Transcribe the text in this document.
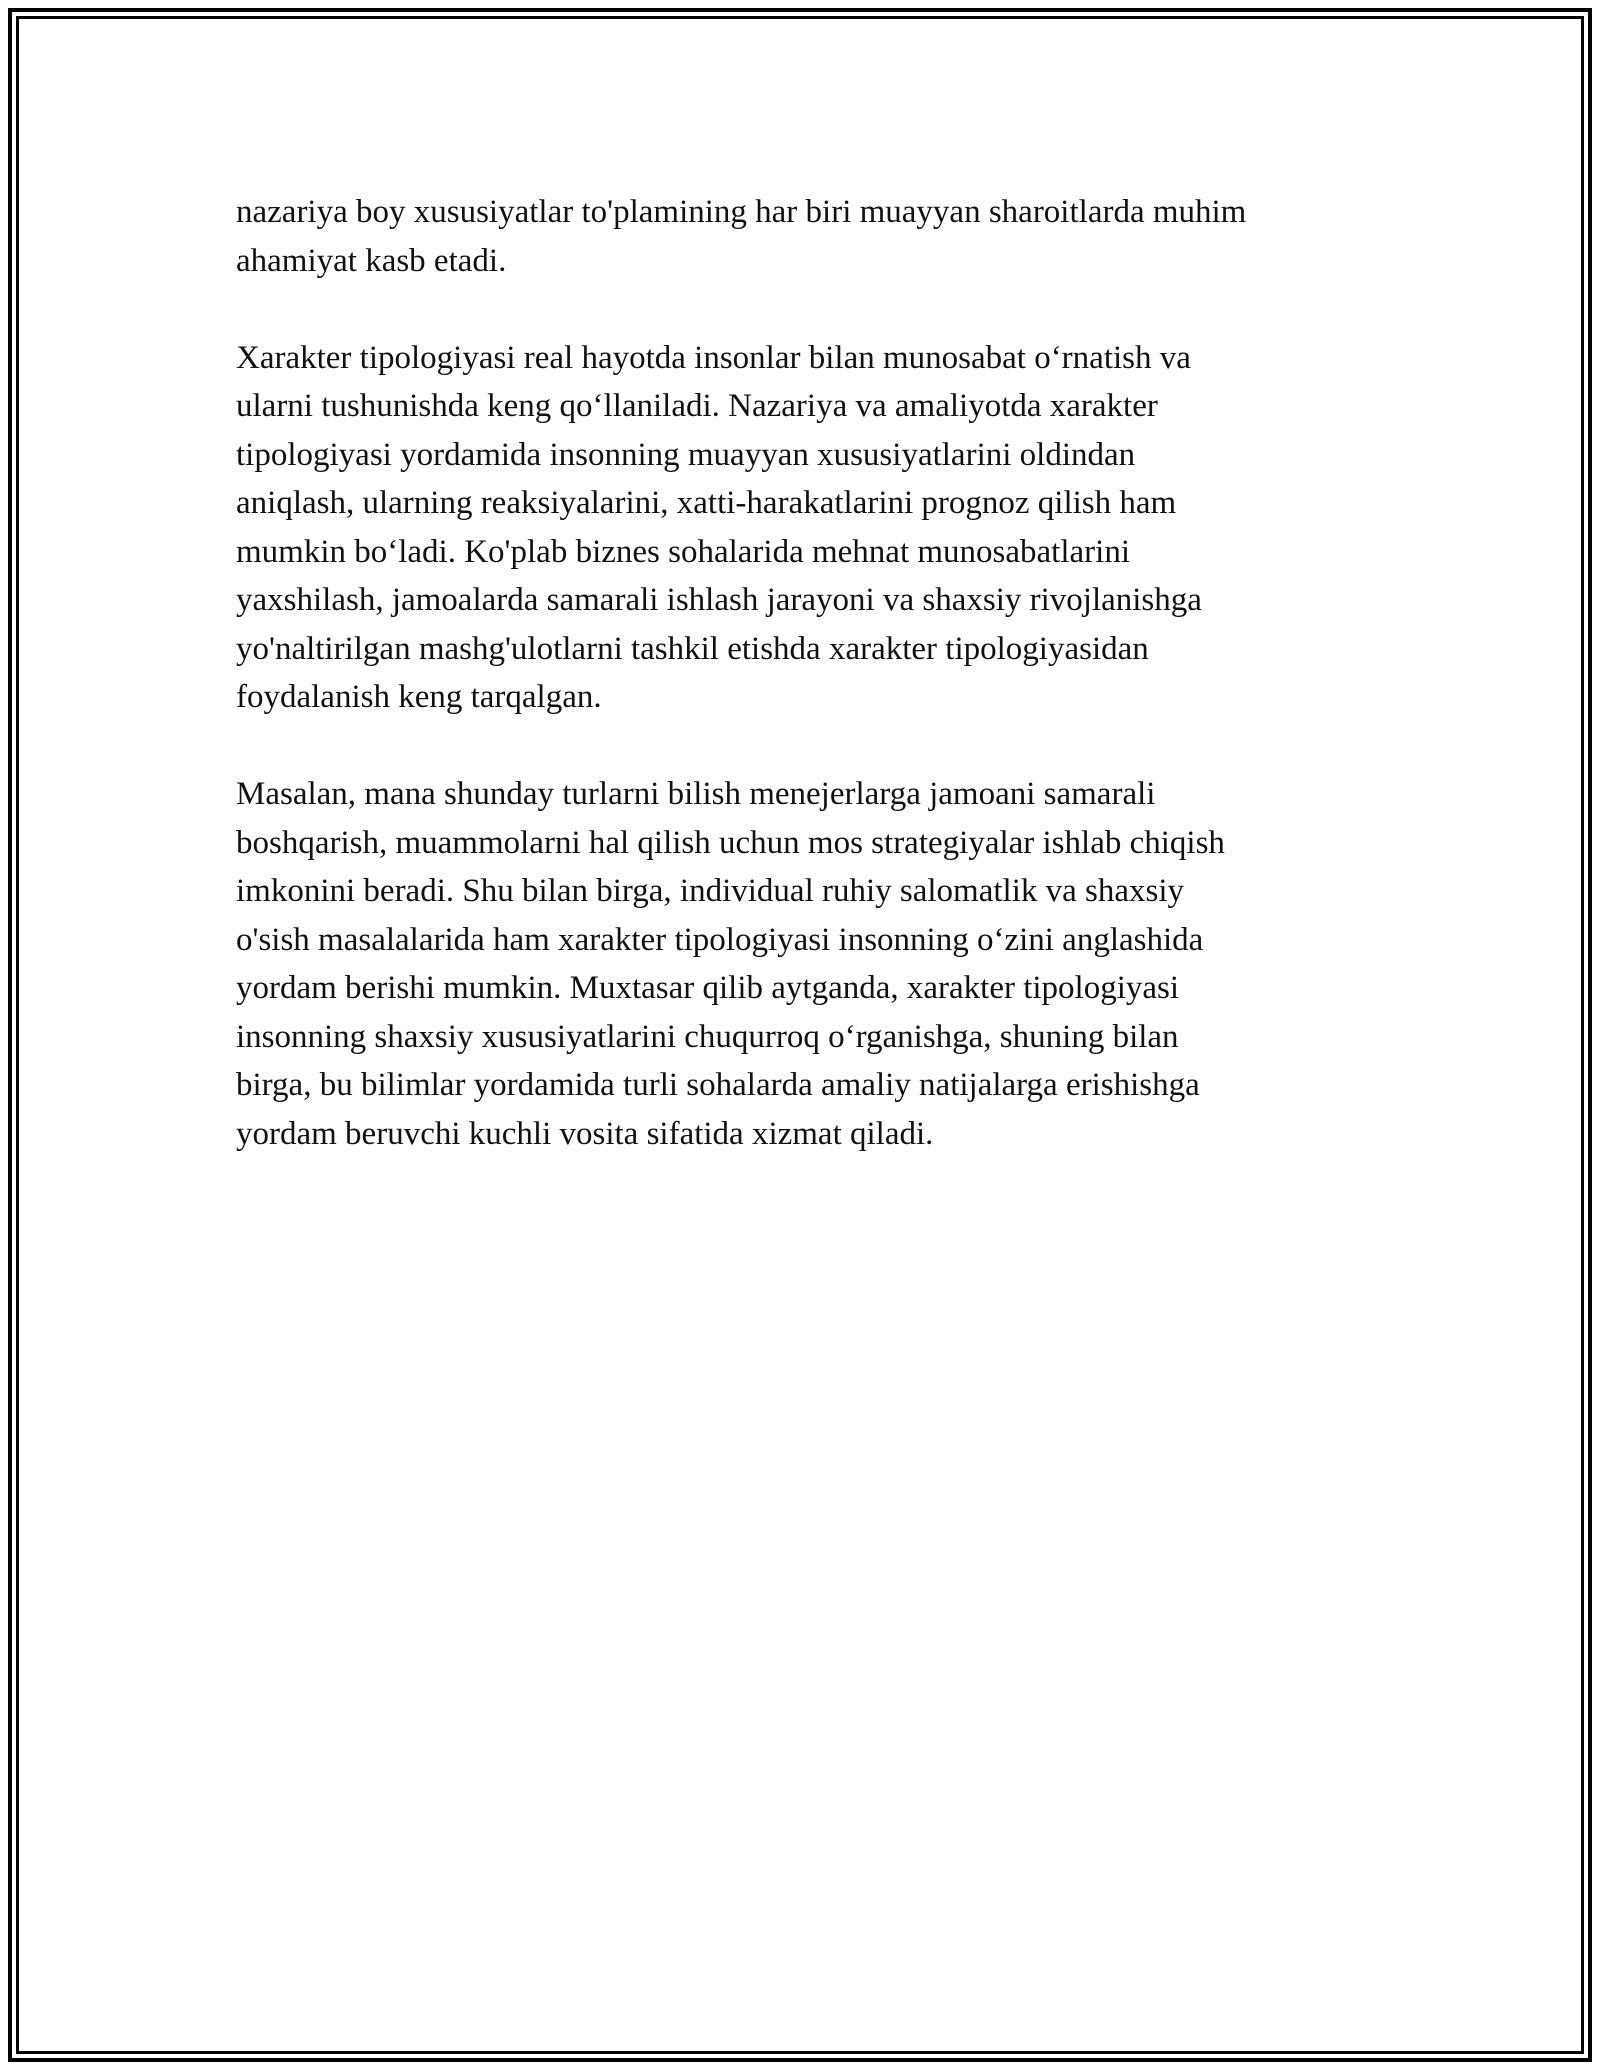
nazariya boy xususiyatlar to'plamining har biri muayyan sharoitlarda muhim
ahamiyat kasb etadi.

Xarakter tipologiyasi real hayotda insonlar bilan munosabat o‘rnatish va
ularni tushunishda keng qo‘llaniladi. Nazariya va amaliyotda xarakter
tipologiyasi yordamida insonning muayyan xususiyatlarini oldindan
aniqlash, ularning reaksiyalarini, xatti-harakatlarini prognoz qilish ham
mumkin bo‘ladi. Ko'plab biznes sohalarida mehnat munosabatlarini
yaxshilash, jamoalarda samarali ishlash jarayoni va shaxsiy rivojlanishga
yo'naltirilgan mashg'ulotlarni tashkil etishda xarakter tipologiyasidan
foydalanish keng tarqalgan.

Masalan, mana shunday turlarni bilish menejerlarga jamoani samarali
boshqarish, muammolarni hal qilish uchun mos strategiyalar ishlab chiqish
imkonini beradi. Shu bilan birga, individual ruhiy salomatlik va shaxsiy
o'sish masalalarida ham xarakter tipologiyasi insonning o‘zini anglashida
yordam berishi mumkin. Muxtasar qilib aytganda, xarakter tipologiyasi
insonning shaxsiy xususiyatlarini chuqurroq o‘rganishga, shuning bilan
birga, bu bilimlar yordamida turli sohalarda amaliy natijalarga erishishga
yordam beruvchi kuchli vosita sifatida xizmat qiladi.
